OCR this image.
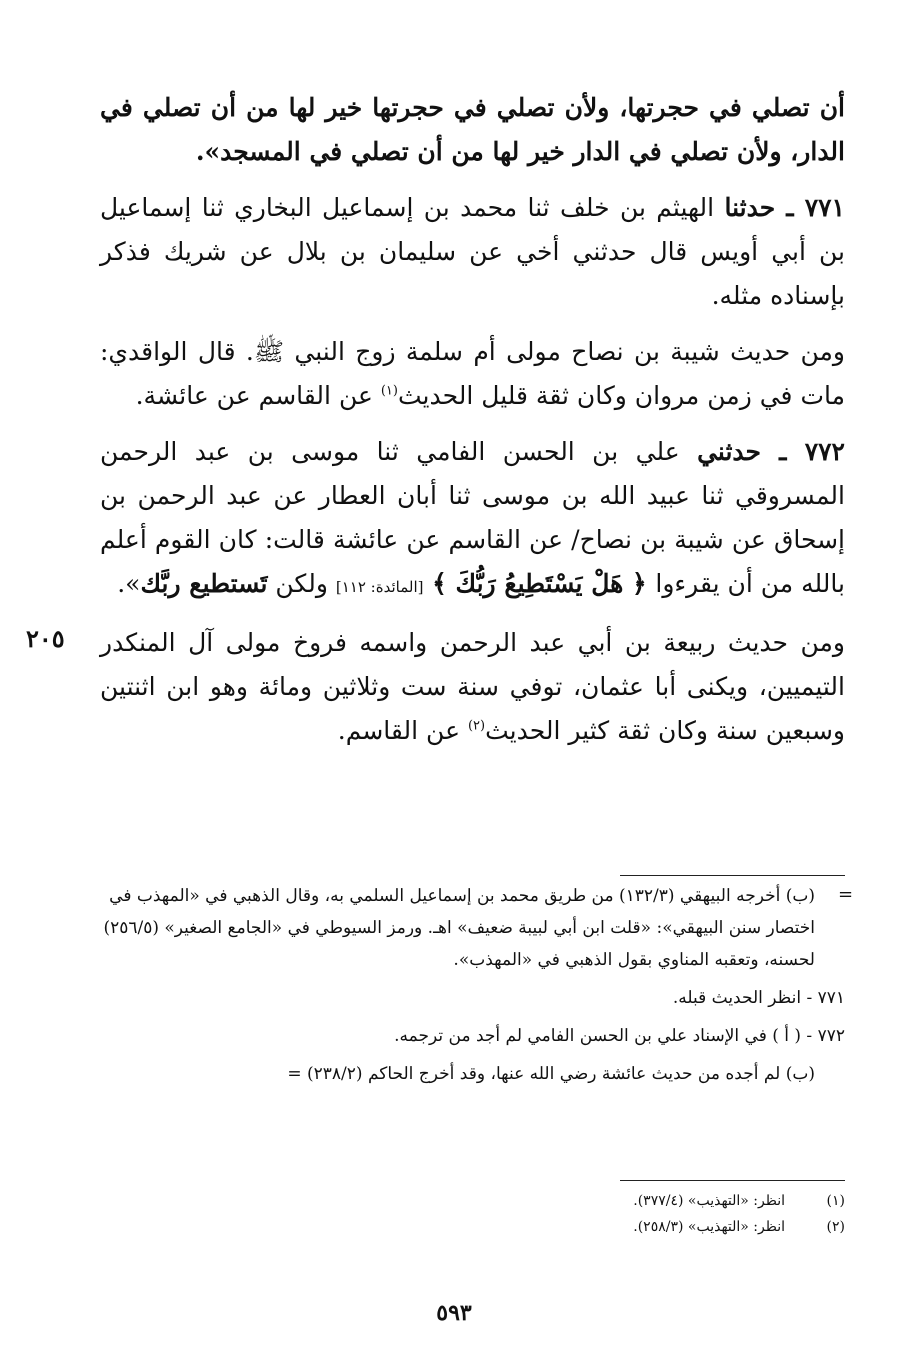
أن تصلي في حجرتها، ولأن تصلي في حجرتها خير لها من أن تصلي في الدار، ولأن تصلي في الدار خير لها من أن تصلي في المسجد».

٧٧١ ـ حدثنا الهيثم بن خلف ثنا محمد بن إسماعيل البخاري ثنا إسماعيل بن أبي أويس قال حدثني أخي عن سليمان بن بلال عن شريك فذكر بإسناده مثله.

ومن حديث شيبة بن نصاح مولى أم سلمة زوج النبي ﷺ. قال الواقدي: مات في زمن مروان وكان ثقة قليل الحديث$^{(١)}$ عن القاسم عن عائشة.

٧٧٢ ـ حدثني علي بن الحسن الفامي ثنا موسى بن عبد الرحمن المسروقي ثنا عبيد الله بن موسى ثنا أبان العطار عن عبد الرحمن بن إسحاق عن شيبة بن نصاح/ عن القاسم عن عائشة قالت: كان القوم أعلم بالله من أن يقرءوا ﴿ هَلْ يَسْتَطِيعُ رَبُّكَ ﴾ [المائدة: ١١٢] ولكن تَستطيع ربَّك».

ومن حديث ربيعة بن أبي عبد الرحمن واسمه فروخ مولى آل المنكدر التيميين، ويكنى أبا عثمان، توفي سنة ست وثلاثين ومائة وهو ابن اثنتين وسبعين سنة وكان ثقة كثير الحديث$^{(٢)}$ عن القاسم.

٢٠٥
=

(ب) أخرجه البيهقي (١٣٢/٣) من طريق محمد بن إسماعيل السلمي به، وقال الذهبي في «المهذب في اختصار سنن البيهقي»: «قلت ابن أبي لبيبة ضعيف» اهـ. ورمز السيوطي في «الجامع الصغير» (٢٥٦/٥) لحسنه، وتعقبه المناوي بقول الذهبي في «المهذب».

٧٧١ - انظر الحديث قبله.

٧٧٢ - ( أ ) في الإسناد علي بن الحسن الفامي لم أجد من ترجمه.

(ب) لم أجده من حديث عائشة رضي الله عنها، وقد أخرج الحاكم (٢٣٨/٢) =

(١)
انظر: «التهذيب» (٣٧٧/٤).
(٢)
انظر: «التهذيب» (٢٥٨/٣).
٥٩٣
